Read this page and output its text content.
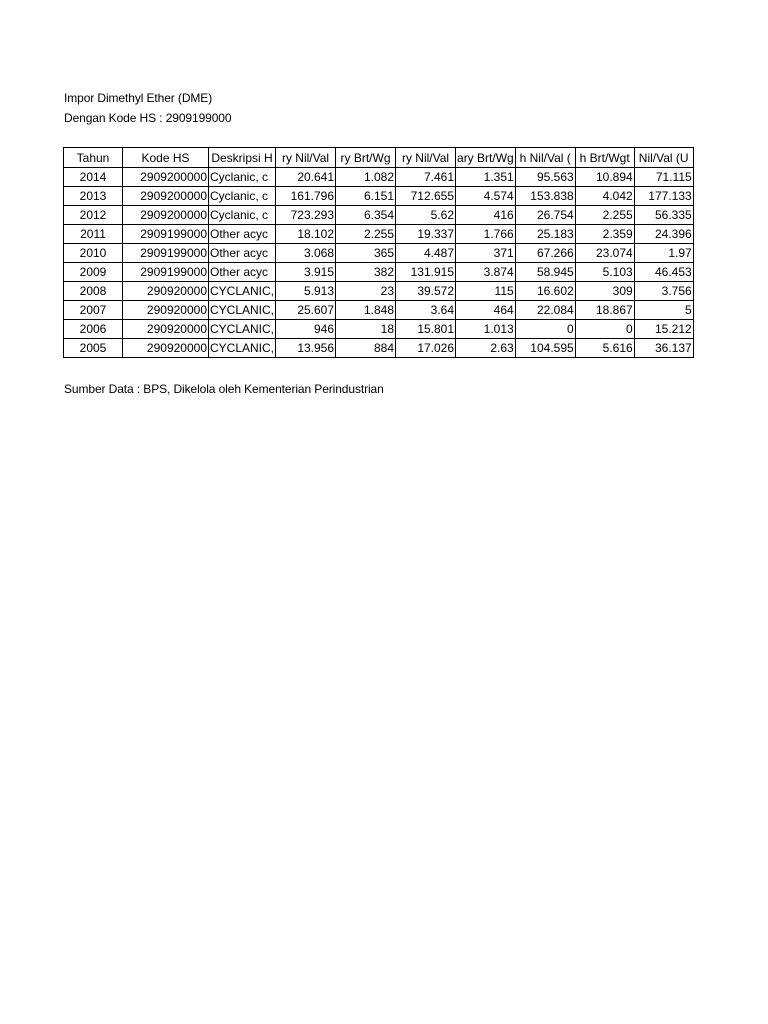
Impor Dimethyl Ether (DME)
Dengan Kode HS : 2909199000
Tahun	Kode HS	Deskripsi H	ry Nil/Val	ry Brt/Wg	ry Nil/Val	ary Brt/Wg	h Nil/Val (	h Brt/Wgt	Nil/Val (U
2014	2909200000	Cyclanic, c	20.641	1.082	7.461	1.351	95.563	10.894	71.115
2013	2909200000	Cyclanic, c	161.796	6.151	712.655	4.574	153.838	4.042	177.133
2012	2909200000	Cyclanic, c	723.293	6.354	5.62	416	26.754	2.255	56.335
2011	2909199000	Other acyc	18.102	2.255	19.337	1.766	25.183	2.359	24.396
2010	2909199000	Other acyc	3.068	365	4.487	371	67.266	23.074	1.97
2009	2909199000	Other acyc	3.915	382	131.915	3.874	58.945	5.103	46.453
2008	290920000	CYCLANIC,	5.913	23	39.572	115	16.602	309	3.756
2007	290920000	CYCLANIC,	25.607	1.848	3.64	464	22.084	18.867	5
2006	290920000	CYCLANIC,	946	18	15.801	1.013	0	0	15.212
2005	290920000	CYCLANIC,	13.956	884	17.026	2.63	104.595	5.616	36.137
Sumber Data : BPS, Dikelola oleh Kementerian Perindustrian
